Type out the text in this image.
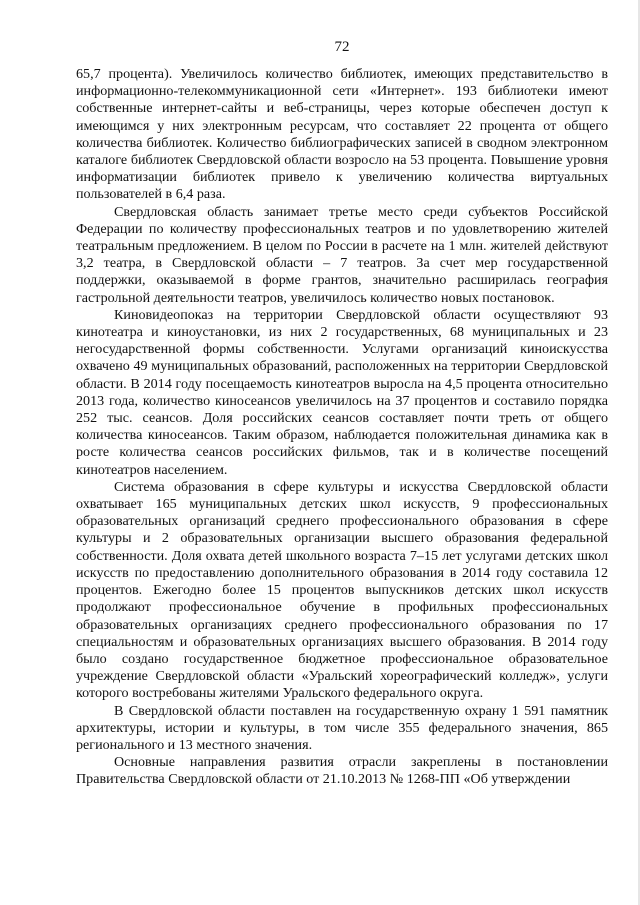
72

65,7 процента). Увеличилось количество библиотек, имеющих представительство в информационно-телекоммуникационной сети «Интернет». 193 библиотеки имеют собственные интернет-сайты и веб-страницы, через которые обеспечен доступ к имеющимся у них электронным ресурсам, что составляет 22 процента от общего количества библиотек. Количество библиографических записей в сводном электронном каталоге библиотек Свердловской области возросло на 53 процента. Повышение уровня информатизации библиотек привело к увеличению количества виртуальных пользователей в 6,4 раза.

Свердловская область занимает третье место среди субъектов Российской Федерации по количеству профессиональных театров и по удовлетворению жителей театральным предложением. В целом по России в расчете на 1 млн. жителей действуют 3,2 театра, в Свердловской области – 7 театров. За счет мер государственной поддержки, оказываемой в форме грантов, значительно расширилась география гастрольной деятельности театров, увеличилось количество новых постановок.

Киновидеопоказ на территории Свердловской области осуществляют 93 кинотеатра и киноустановки, из них 2 государственных, 68 муниципальных и 23 негосударственной формы собственности. Услугами организаций киноискусства охвачено 49 муниципальных образований, расположенных на территории Свердловской области. В 2014 году посещаемость кинотеатров выросла на 4,5 процента относительно 2013 года, количество киносеансов увеличилось на 37 процентов и составило порядка 252 тыс. сеансов. Доля российских сеансов составляет почти треть от общего количества киносеансов. Таким образом, наблюдается положительная динамика как в росте количества сеансов российских фильмов, так и в количестве посещений кинотеатров населением.

Система образования в сфере культуры и искусства Свердловской области охватывает 165 муниципальных детских школ искусств, 9 профессиональных образовательных организаций среднего профессионального образования в сфере культуры и 2 образовательных организации высшего образования федеральной собственности. Доля охвата детей школьного возраста 7–15 лет услугами детских школ искусств по предоставлению дополнительного образования в 2014 году составила 12 процентов. Ежегодно более 15 процентов выпускников детских школ искусств продолжают профессиональное обучение в профильных профессиональных образовательных организациях среднего профессионального образования по 17 специальностям и образовательных организациях высшего образования. В 2014 году было создано государственное бюджетное профессиональное образовательное учреждение Свердловской области «Уральский хореографический колледж», услуги которого востребованы жителями Уральского федерального округа.

В Свердловской области поставлен на государственную охрану 1 591 памятник архитектуры, истории и культуры, в том числе 355 федерального значения, 865 регионального и 13 местного значения.

Основные направления развития отрасли закреплены в постановлении Правительства Свердловской области от 21.10.2013 № 1268-ПП «Об утверждении
